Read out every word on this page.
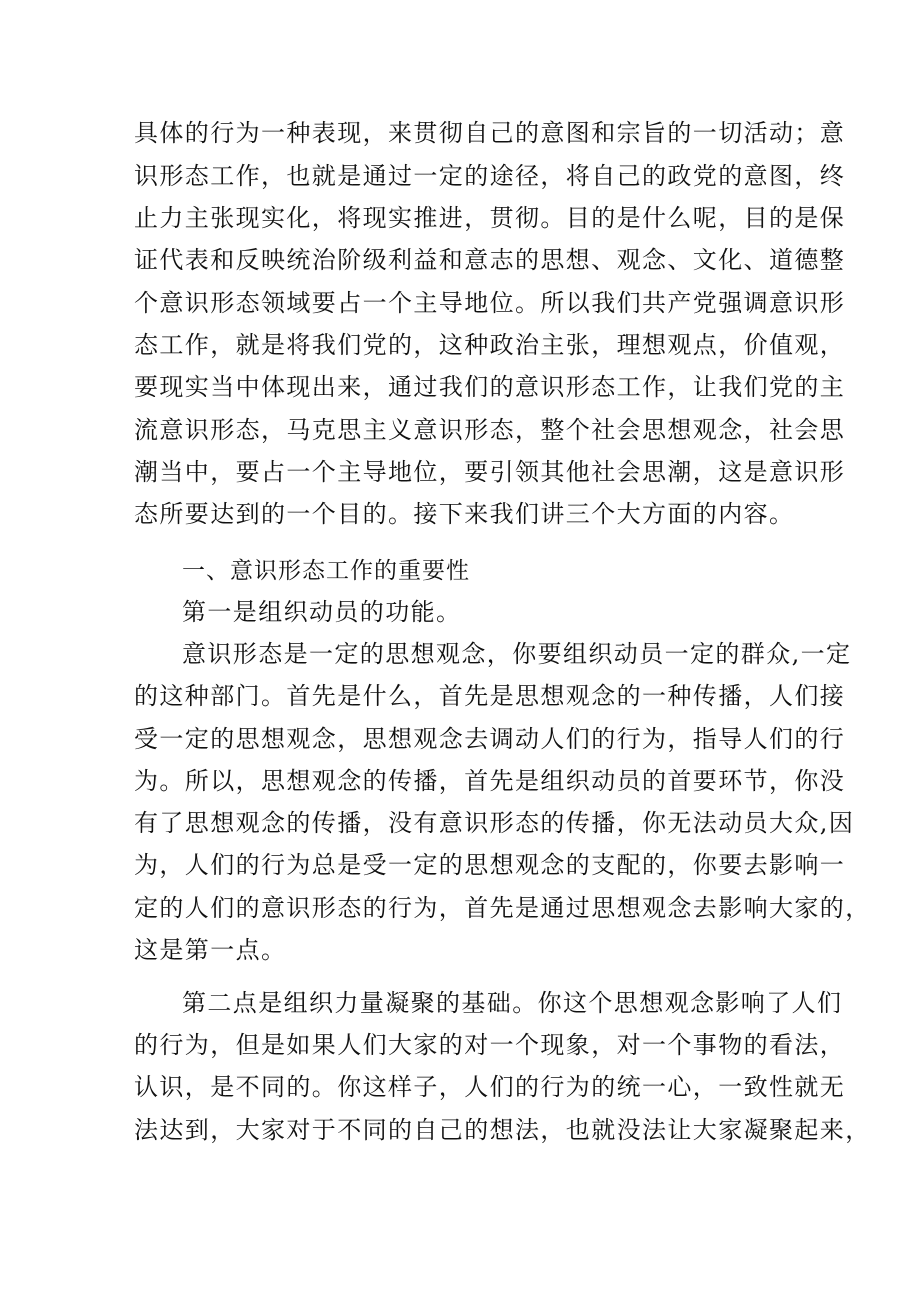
具体的行为一种表现，来贯彻自己的意图和宗旨的一切活动；意
识形态工作，也就是通过一定的途径，将自己的政党的意图，终
止力主张现实化，将现实推进，贯彻。目的是什么呢，目的是保
证代表和反映统治阶级利益和意志的思想、观念、文化、道德整
个意识形态领域要占一个主导地位。所以我们共产党强调意识形
态工作，就是将我们党的，这种政治主张，理想观点，价值观，
要现实当中体现出来，通过我们的意识形态工作，让我们党的主
流意识形态，马克思主义意识形态，整个社会思想观念，社会思
潮当中，要占一个主导地位，要引领其他社会思潮，这是意识形
态所要达到的一个目的。接下来我们讲三个大方面的内容。
一、意识形态工作的重要性
第一是组织动员的功能。
意识形态是一定的思想观念，你要组织动员一定的群众,一定
的这种部门。首先是什么，首先是思想观念的一种传播，人们接
受一定的思想观念，思想观念去调动人们的行为，指导人们的行
为。所以，思想观念的传播，首先是组织动员的首要环节，你没
有了思想观念的传播，没有意识形态的传播，你无法动员大众,因
为，人们的行为总是受一定的思想观念的支配的，你要去影响一
定的人们的意识形态的行为，首先是通过思想观念去影响大家的，
这是第一点。
第二点是组织力量凝聚的基础。你这个思想观念影响了人们
的行为，但是如果人们大家的对一个现象，对一个事物的看法，
认识，是不同的。你这样子，人们的行为的统一心，一致性就无
法达到，大家对于不同的自己的想法，也就没法让大家凝聚起来，
